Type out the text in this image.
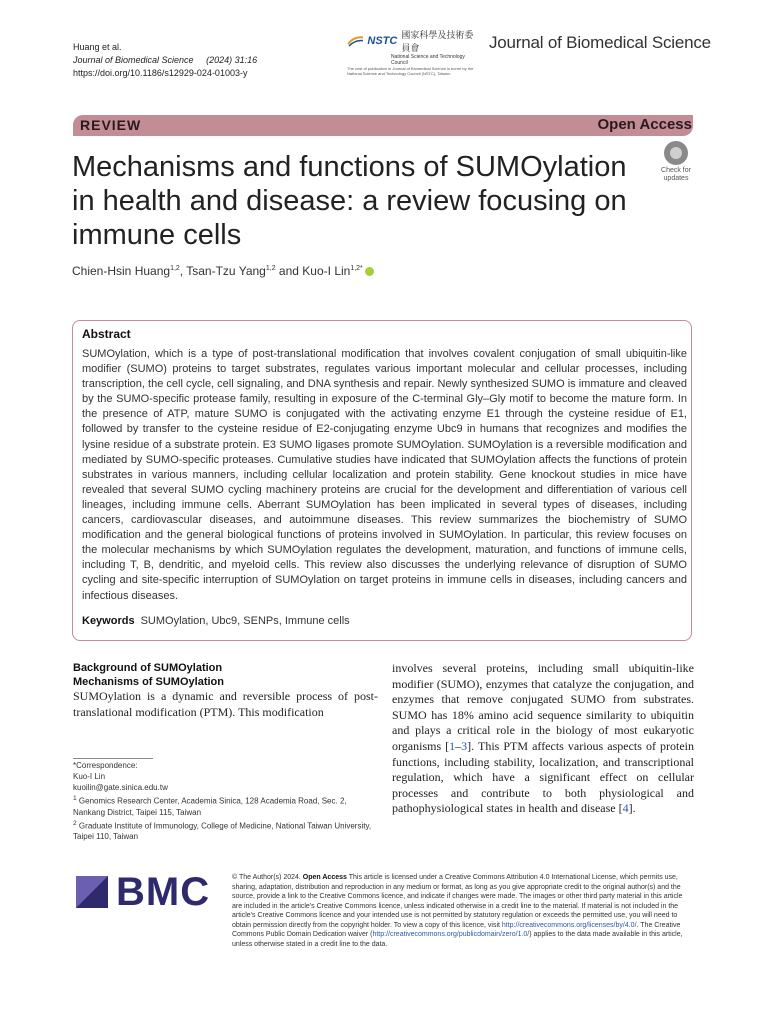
Huang et al.
Journal of Biomedical Science (2024) 31:16
https://doi.org/10.1186/s12929-024-01003-y
NSTC 國家科學及技術委員會
National Science and Technology Council
The cost of publication in Journal of Biomedical Science is borne by the National Science and Technology Council (NSTC), Taiwan.
Journal of Biomedical Science
REVIEW	Open Access
Mechanisms and functions of SUMOylation in health and disease: a review focusing on immune cells
Check for
updates
Chien-Hsin Huang$^{1,2}$, Tsan-Tzu Yang$^{1,2}$ and Kuo-I Lin$^{1,2*}$
Abstract
SUMOylation, which is a type of post-translational modification that involves covalent conjugation of small ubiquitin-like modifier (SUMO) proteins to target substrates, regulates various important molecular and cellular processes, including transcription, the cell cycle, cell signaling, and DNA synthesis and repair. Newly synthesized SUMO is immature and cleaved by the SUMO-specific protease family, resulting in exposure of the C-terminal Gly–Gly motif to become the mature form. In the presence of ATP, mature SUMO is conjugated with the activating enzyme E1 through the cysteine residue of E1, followed by transfer to the cysteine residue of E2-conjugating enzyme Ubc9 in humans that recognizes and modifies the lysine residue of a substrate protein. E3 SUMO ligases promote SUMOylation. SUMOylation is a reversible modification and mediated by SUMO-specific proteases. Cumulative studies have indicated that SUMOylation affects the functions of protein substrates in various manners, including cellular localization and protein stability. Gene knockout studies in mice have revealed that several SUMO cycling machinery proteins are crucial for the development and differentiation of various cell lineages, including immune cells. Aberrant SUMOylation has been implicated in several types of diseases, including cancers, cardiovascular diseases, and autoimmune diseases. This review summarizes the biochemistry of SUMO modification and the general biological functions of proteins involved in SUMOylation. In particular, this review focuses on the molecular mechanisms by which SUMOylation regulates the development, maturation, and functions of immune cells, including T, B, dendritic, and myeloid cells. This review also discusses the underlying relevance of disruption of SUMO cycling and site-specific interruption of SUMOylation on target proteins in immune cells in diseases, including cancers and infectious diseases.
Keywords SUMOylation, Ubc9, SENPs, Immune cells
Background of SUMOylation
Mechanisms of SUMOylation
SUMOylation is a dynamic and reversible process of post-translational modification (PTM). This modification
involves several proteins, including small ubiquitin-like modifier (SUMO), enzymes that catalyze the conjugation, and enzymes that remove conjugated SUMO from substrates. SUMO has 18% amino acid sequence similarity to ubiquitin and plays a critical role in the biology of most eukaryotic organisms [1–3]. This PTM affects various aspects of protein functions, including stability, localization, and transcriptional regulation, which have a significant effect on cellular processes and contribute to both physiological and pathophysiological states in health and disease [4].
*Correspondence:
Kuo-I Lin
kuoilin@gate.sinica.edu.tw
$^1$ Genomics Research Center, Academia Sinica, 128 Academia Road, Sec. 2, Nankang District, Taipei 115, Taiwan
$^2$ Graduate Institute of Immunology, College of Medicine, National Taiwan University, Taipei 110, Taiwan
BMC	© The Author(s) 2024. Open Access This article is licensed under a Creative Commons Attribution 4.0 International License, which permits use, sharing, adaptation, distribution and reproduction in any medium or format, as long as you give appropriate credit to the original author(s) and the source, provide a link to the Creative Commons licence, and indicate if changes were made. The images or other third party material in this article are included in the article's Creative Commons licence, unless indicated otherwise in a credit line to the material. If material is not included in the article's Creative Commons licence and your intended use is not permitted by statutory regulation or exceeds the permitted use, you will need to obtain permission directly from the copyright holder. To view a copy of this licence, visit http://creativecommons.org/licenses/by/4.0/. The Creative Commons Public Domain Dedication waiver (http://creativecommons.org/publicdomain/zero/1.0/) applies to the data made available in this article, unless otherwise stated in a credit line to the data.
